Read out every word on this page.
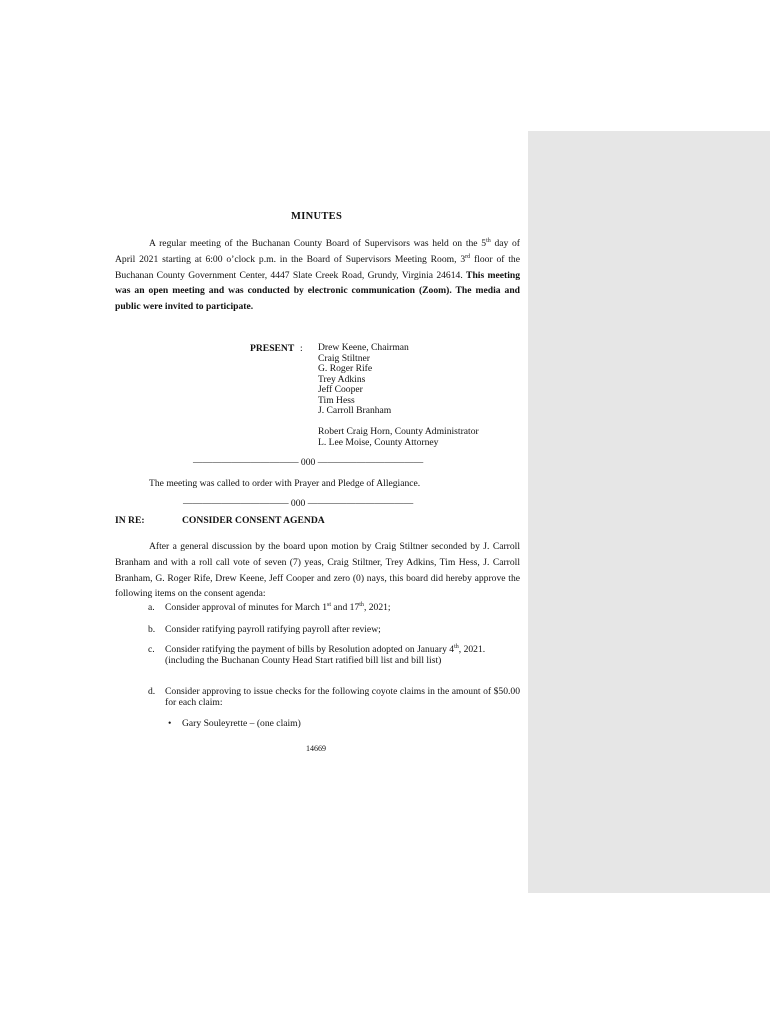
MINUTES
A regular meeting of the Buchanan County Board of Supervisors was held on the 5th day of April 2021 starting at 6:00 o’clock p.m. in the Board of Supervisors Meeting Room, 3rd floor of the Buchanan County Government Center, 4447 Slate Creek Road, Grundy, Virginia 24614. This meeting was an open meeting and was conducted by electronic communication (Zoom). The media and public were invited to participate.
PRESENT : Drew Keene, Chairman
Craig Stiltner
G. Roger Rife
Trey Adkins
Jeff Cooper
Tim Hess
J. Carroll Branham
Robert Craig Horn, County Administrator
L. Lee Moise, County Attorney
——————————— 000 ———————————
The meeting was called to order with Prayer and Pledge of Allegiance.
——————————— 000 ———————————
IN RE:	CONSIDER CONSENT AGENDA
After a general discussion by the board upon motion by Craig Stiltner seconded by J. Carroll Branham and with a roll call vote of seven (7) yeas, Craig Stiltner, Trey Adkins, Tim Hess, J. Carroll Branham, G. Roger Rife, Drew Keene, Jeff Cooper and zero (0) nays, this board did hereby approve the following items on the consent agenda:
a. Consider approval of minutes for March 1st and 17th, 2021;
b. Consider ratifying payroll ratifying payroll after review;
c. Consider ratifying the payment of bills by Resolution adopted on January 4th, 2021.
(including the Buchanan County Head Start ratified bill list and bill list)
d. Consider approving to issue checks for the following coyote claims in the amount of $50.00 for each claim:
• Gary Souleyrette – (one claim)
14669
